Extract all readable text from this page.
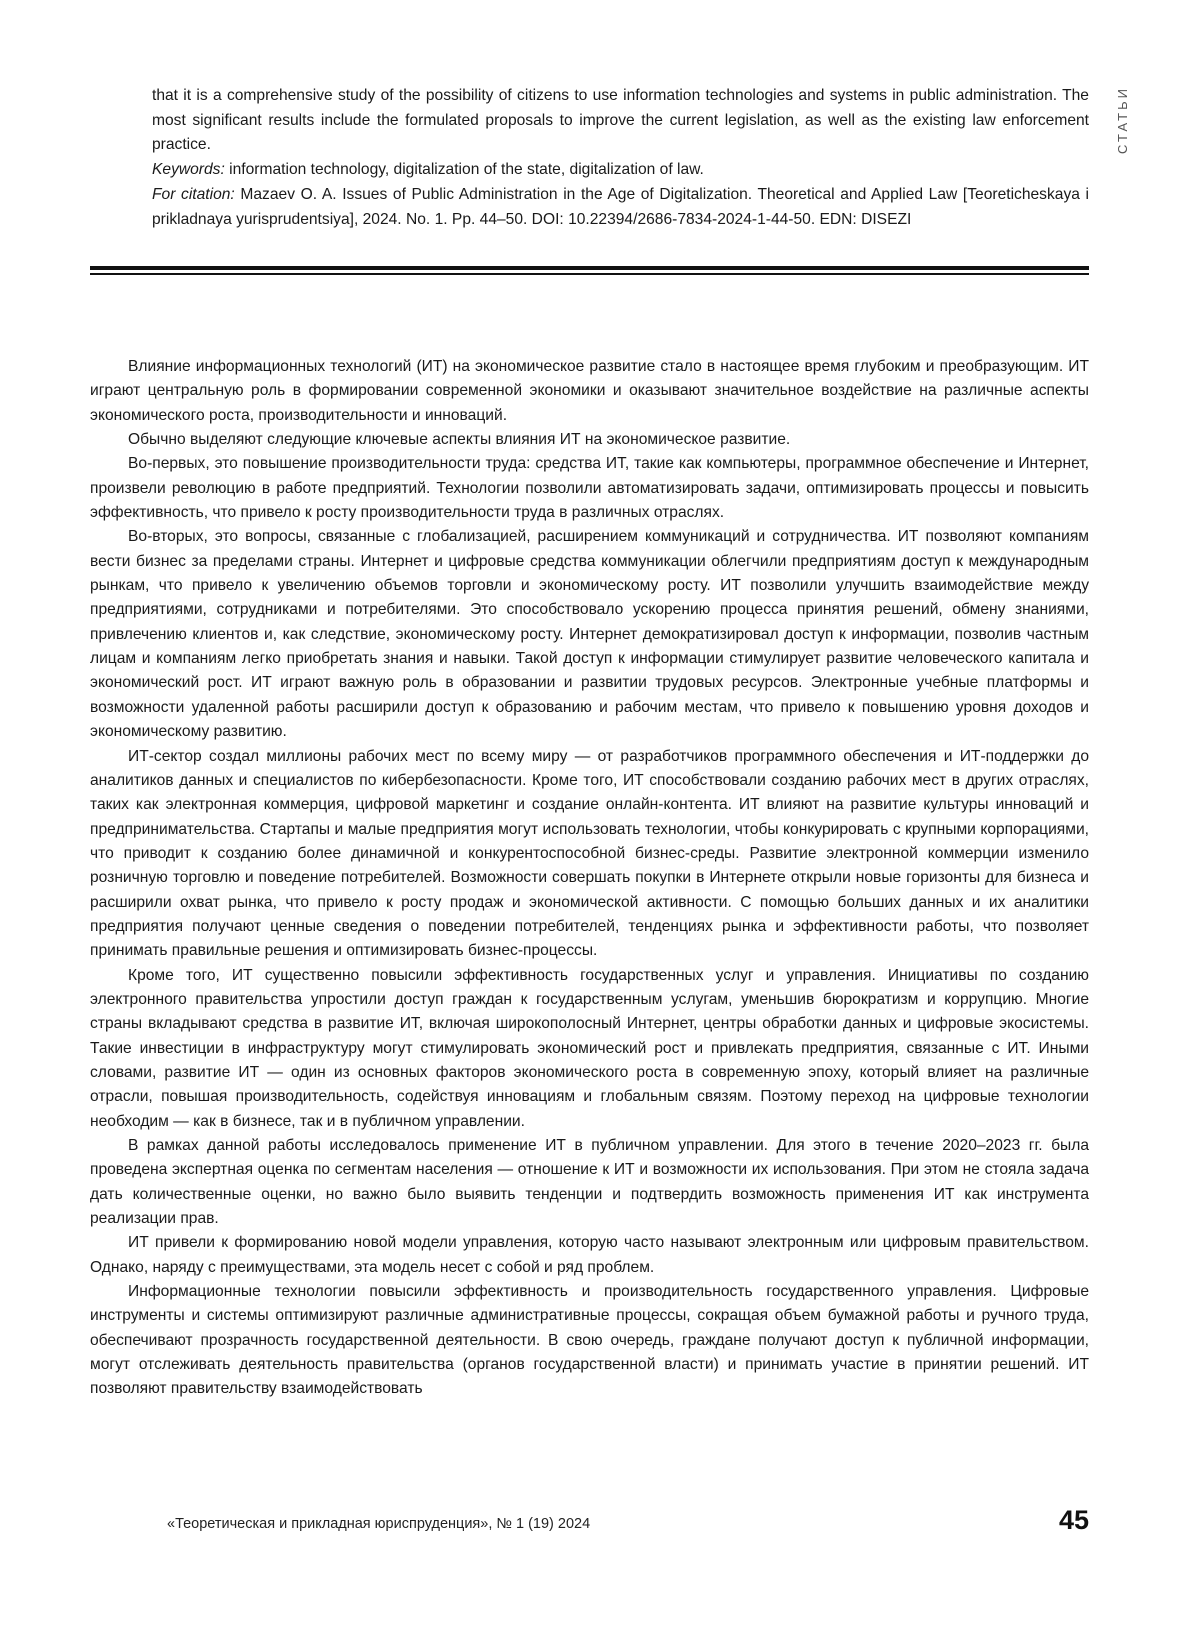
СТАТЬИ

that it is a comprehensive study of the possibility of citizens to use information technologies and systems in public administration. The most significant results include the formulated proposals to improve the current legislation, as well as the existing law enforcement practice.

Keywords: information technology, digitalization of the state, digitalization of law.

For citation: Mazaev O. A. Issues of Public Administration in the Age of Digitalization. Theoretical and Applied Law [Teoreticheskaya i prikladnaya yurisprudentsiya], 2024. No. 1. Pp. 44–50. DOI: 10.22394/2686-7834-2024-1-44-50. EDN: DISEZI

Влияние информационных технологий (ИТ) на экономическое развитие стало в настоящее время глубоким и преобразующим. ИТ играют центральную роль в формировании современной экономики и оказывают значительное воздействие на различные аспекты экономического роста, производительности и инноваций.

Обычно выделяют следующие ключевые аспекты влияния ИТ на экономическое развитие.

Во-первых, это повышение производительности труда: средства ИТ, такие как компьютеры, программное обеспечение и Интернет, произвели революцию в работе предприятий. Технологии позволили автоматизировать задачи, оптимизировать процессы и повысить эффективность, что привело к росту производительности труда в различных отраслях.

Во-вторых, это вопросы, связанные с глобализацией, расширением коммуникаций и сотрудничества. ИТ позволяют компаниям вести бизнес за пределами страны. Интернет и цифровые средства коммуникации облегчили предприятиям доступ к международным рынкам, что привело к увеличению объемов торговли и экономическому росту. ИТ позволили улучшить взаимодействие между предприятиями, сотрудниками и потребителями. Это способствовало ускорению процесса принятия решений, обмену знаниями, привлечению клиентов и, как следствие, экономическому росту. Интернет демократизировал доступ к информации, позволив частным лицам и компаниям легко приобретать знания и навыки. Такой доступ к информации стимулирует развитие человеческого капитала и экономический рост. ИТ играют важную роль в образовании и развитии трудовых ресурсов. Электронные учебные платформы и возможности удаленной работы расширили доступ к образованию и рабочим местам, что привело к повышению уровня доходов и экономическому развитию.

ИТ-сектор создал миллионы рабочих мест по всему миру — от разработчиков программного обеспечения и ИТ-поддержки до аналитиков данных и специалистов по кибербезопасности. Кроме того, ИТ способствовали созданию рабочих мест в других отраслях, таких как электронная коммерция, цифровой маркетинг и создание онлайн-контента. ИТ влияют на развитие культуры инноваций и предпринимательства. Стартапы и малые предприятия могут использовать технологии, чтобы конкурировать с крупными корпорациями, что приводит к созданию более динамичной и конкурентоспособной бизнес-среды. Развитие электронной коммерции изменило розничную торговлю и поведение потребителей. Возможности совершать покупки в Интернете открыли новые горизонты для бизнеса и расширили охват рынка, что привело к росту продаж и экономической активности. С помощью больших данных и их аналитики предприятия получают ценные сведения о поведении потребителей, тенденциях рынка и эффективности работы, что позволяет принимать правильные решения и оптимизировать бизнес-процессы.

Кроме того, ИТ существенно повысили эффективность государственных услуг и управления. Инициативы по созданию электронного правительства упростили доступ граждан к государственным услугам, уменьшив бюрократизм и коррупцию. Многие страны вкладывают средства в развитие ИТ, включая широкополосный Интернет, центры обработки данных и цифровые экосистемы. Такие инвестиции в инфраструктуру могут стимулировать экономический рост и привлекать предприятия, связанные с ИТ. Иными словами, развитие ИТ — один из основных факторов экономического роста в современную эпоху, который влияет на различные отрасли, повышая производительность, содействуя инновациям и глобальным связям. Поэтому переход на цифровые технологии необходим — как в бизнесе, так и в публичном управлении.

В рамках данной работы исследовалось применение ИТ в публичном управлении. Для этого в течение 2020–2023 гг. была проведена экспертная оценка по сегментам населения — отношение к ИТ и возможности их использования. При этом не стояла задача дать количественные оценки, но важно было выявить тенденции и подтвердить возможность применения ИТ как инструмента реализации прав.

ИТ привели к формированию новой модели управления, которую часто называют электронным или цифровым правительством. Однако, наряду с преимуществами, эта модель несет с собой и ряд проблем.

Информационные технологии повысили эффективность и производительность государственного управления. Цифровые инструменты и системы оптимизируют различные административные процессы, сокращая объем бумажной работы и ручного труда, обеспечивают прозрачность государственной деятельности. В свою очередь, граждане получают доступ к публичной информации, могут отслеживать деятельность правительства (органов государственной власти) и принимать участие в принятии решений. ИТ позволяют правительству взаимодействовать

«Теоретическая и прикладная юриспруденция», № 1 (19) 2024	45
